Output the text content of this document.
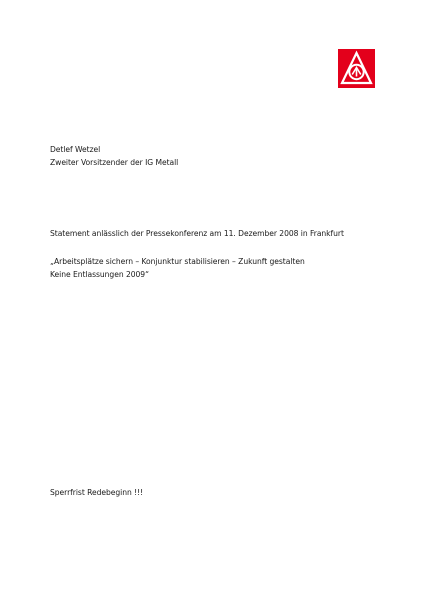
Detlef Wetzel
Zweiter Vorsitzender der IG Metall
Statement anlässlich der Pressekonferenz am 11. Dezember 2008 in Frankfurt
„Arbeitsplätze sichern – Konjunktur stabilisieren – Zukunft gestalten
Keine Entlassungen 2009“
Sperrfrist Redebeginn !!!
